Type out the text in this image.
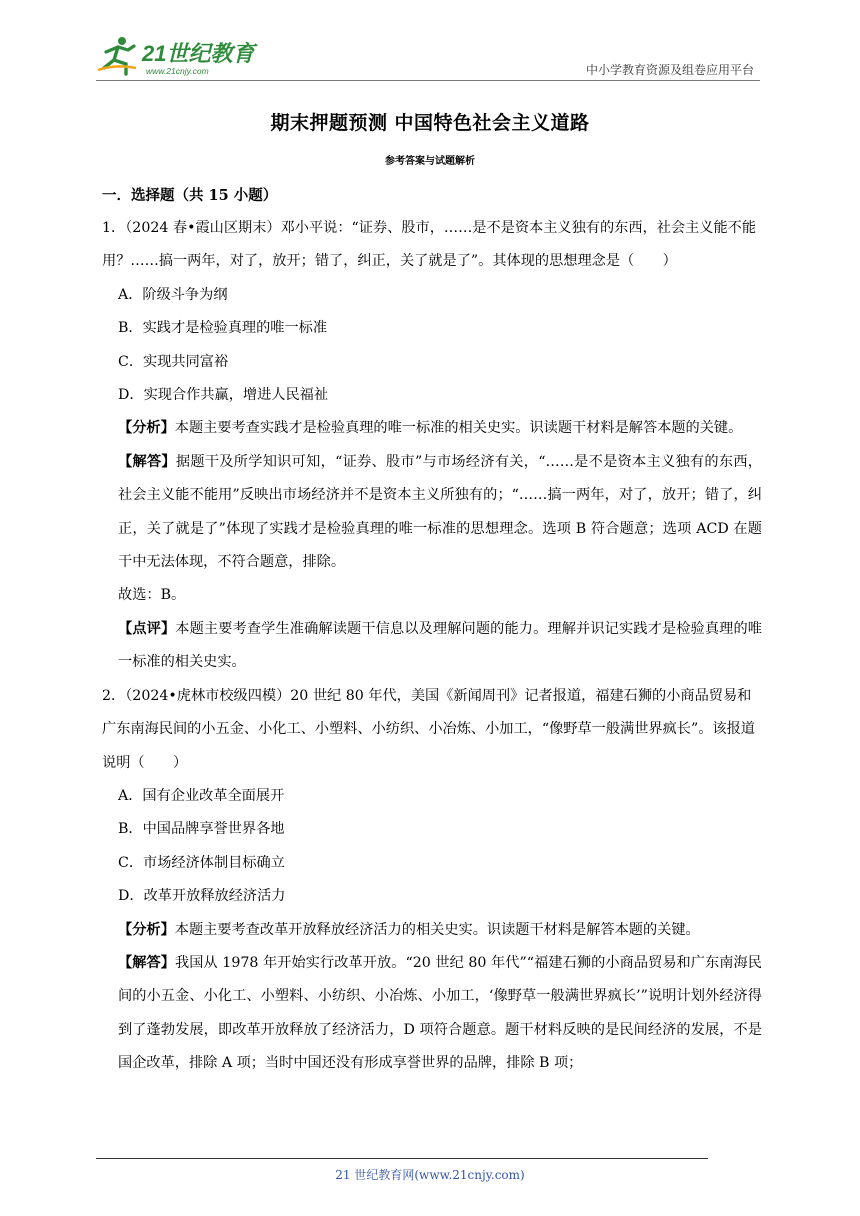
21世纪教育
www.21cnjy.com	中小学教育资源及组卷应用平台
期末押题预测 中国特色社会主义道路
参考答案与试题解析
一．选择题（共 15 小题）

1．（2024 春•霞山区期末）邓小平说：“证券、股市，……是不是资本主义独有的东西，社会主义能不能用？……搞一两年，对了，放开；错了，纠正，关了就是了”。其体现的思想理念是（　　）

A．阶级斗争为纲

B．实践才是检验真理的唯一标准

C．实现共同富裕

D．实现合作共赢，增进人民福祉

【分析】本题主要考查实践才是检验真理的唯一标准的相关史实。识读题干材料是解答本题的关键。

【解答】据题干及所学知识可知，“证券、股市”与市场经济有关，“……是不是资本主义独有的东西，社会主义能不能用”反映出市场经济并不是资本主义所独有的；“……搞一两年，对了，放开；错了，纠正，关了就是了”体现了实践才是检验真理的唯一标准的思想理念。选项 B 符合题意；选项 ACD 在题干中无法体现，不符合题意，排除。

故选：B。

【点评】本题主要考查学生准确解读题干信息以及理解问题的能力。理解并识记实践才是检验真理的唯一标准的相关史实。

2．（2024•虎林市校级四模）20 世纪 80 年代，美国《新闻周刊》记者报道，福建石狮的小商品贸易和广东南海民间的小五金、小化工、小塑料、小纺织、小冶炼、小加工，“像野草一般满世界疯长”。该报道说明（　　）

A．国有企业改革全面展开

B．中国品牌享誉世界各地

C．市场经济体制目标确立

D．改革开放释放经济活力

【分析】本题主要考查改革开放释放经济活力的相关史实。识读题干材料是解答本题的关键。

【解答】我国从 1978 年开始实行改革开放。“20 世纪 80 年代”“福建石狮的小商品贸易和广东南海民间的小五金、小化工、小塑料、小纺织、小冶炼、小加工，‘像野草一般满世界疯长’”说明计划外经济得到了蓬勃发展，即改革开放释放了经济活力，D 项符合题意。题干材料反映的是民间经济的发展，不是国企改革，排除 A 项；当时中国还没有形成享誉世界的品牌，排除 B 项；

21 世纪教育网(www.21cnjy.com)
